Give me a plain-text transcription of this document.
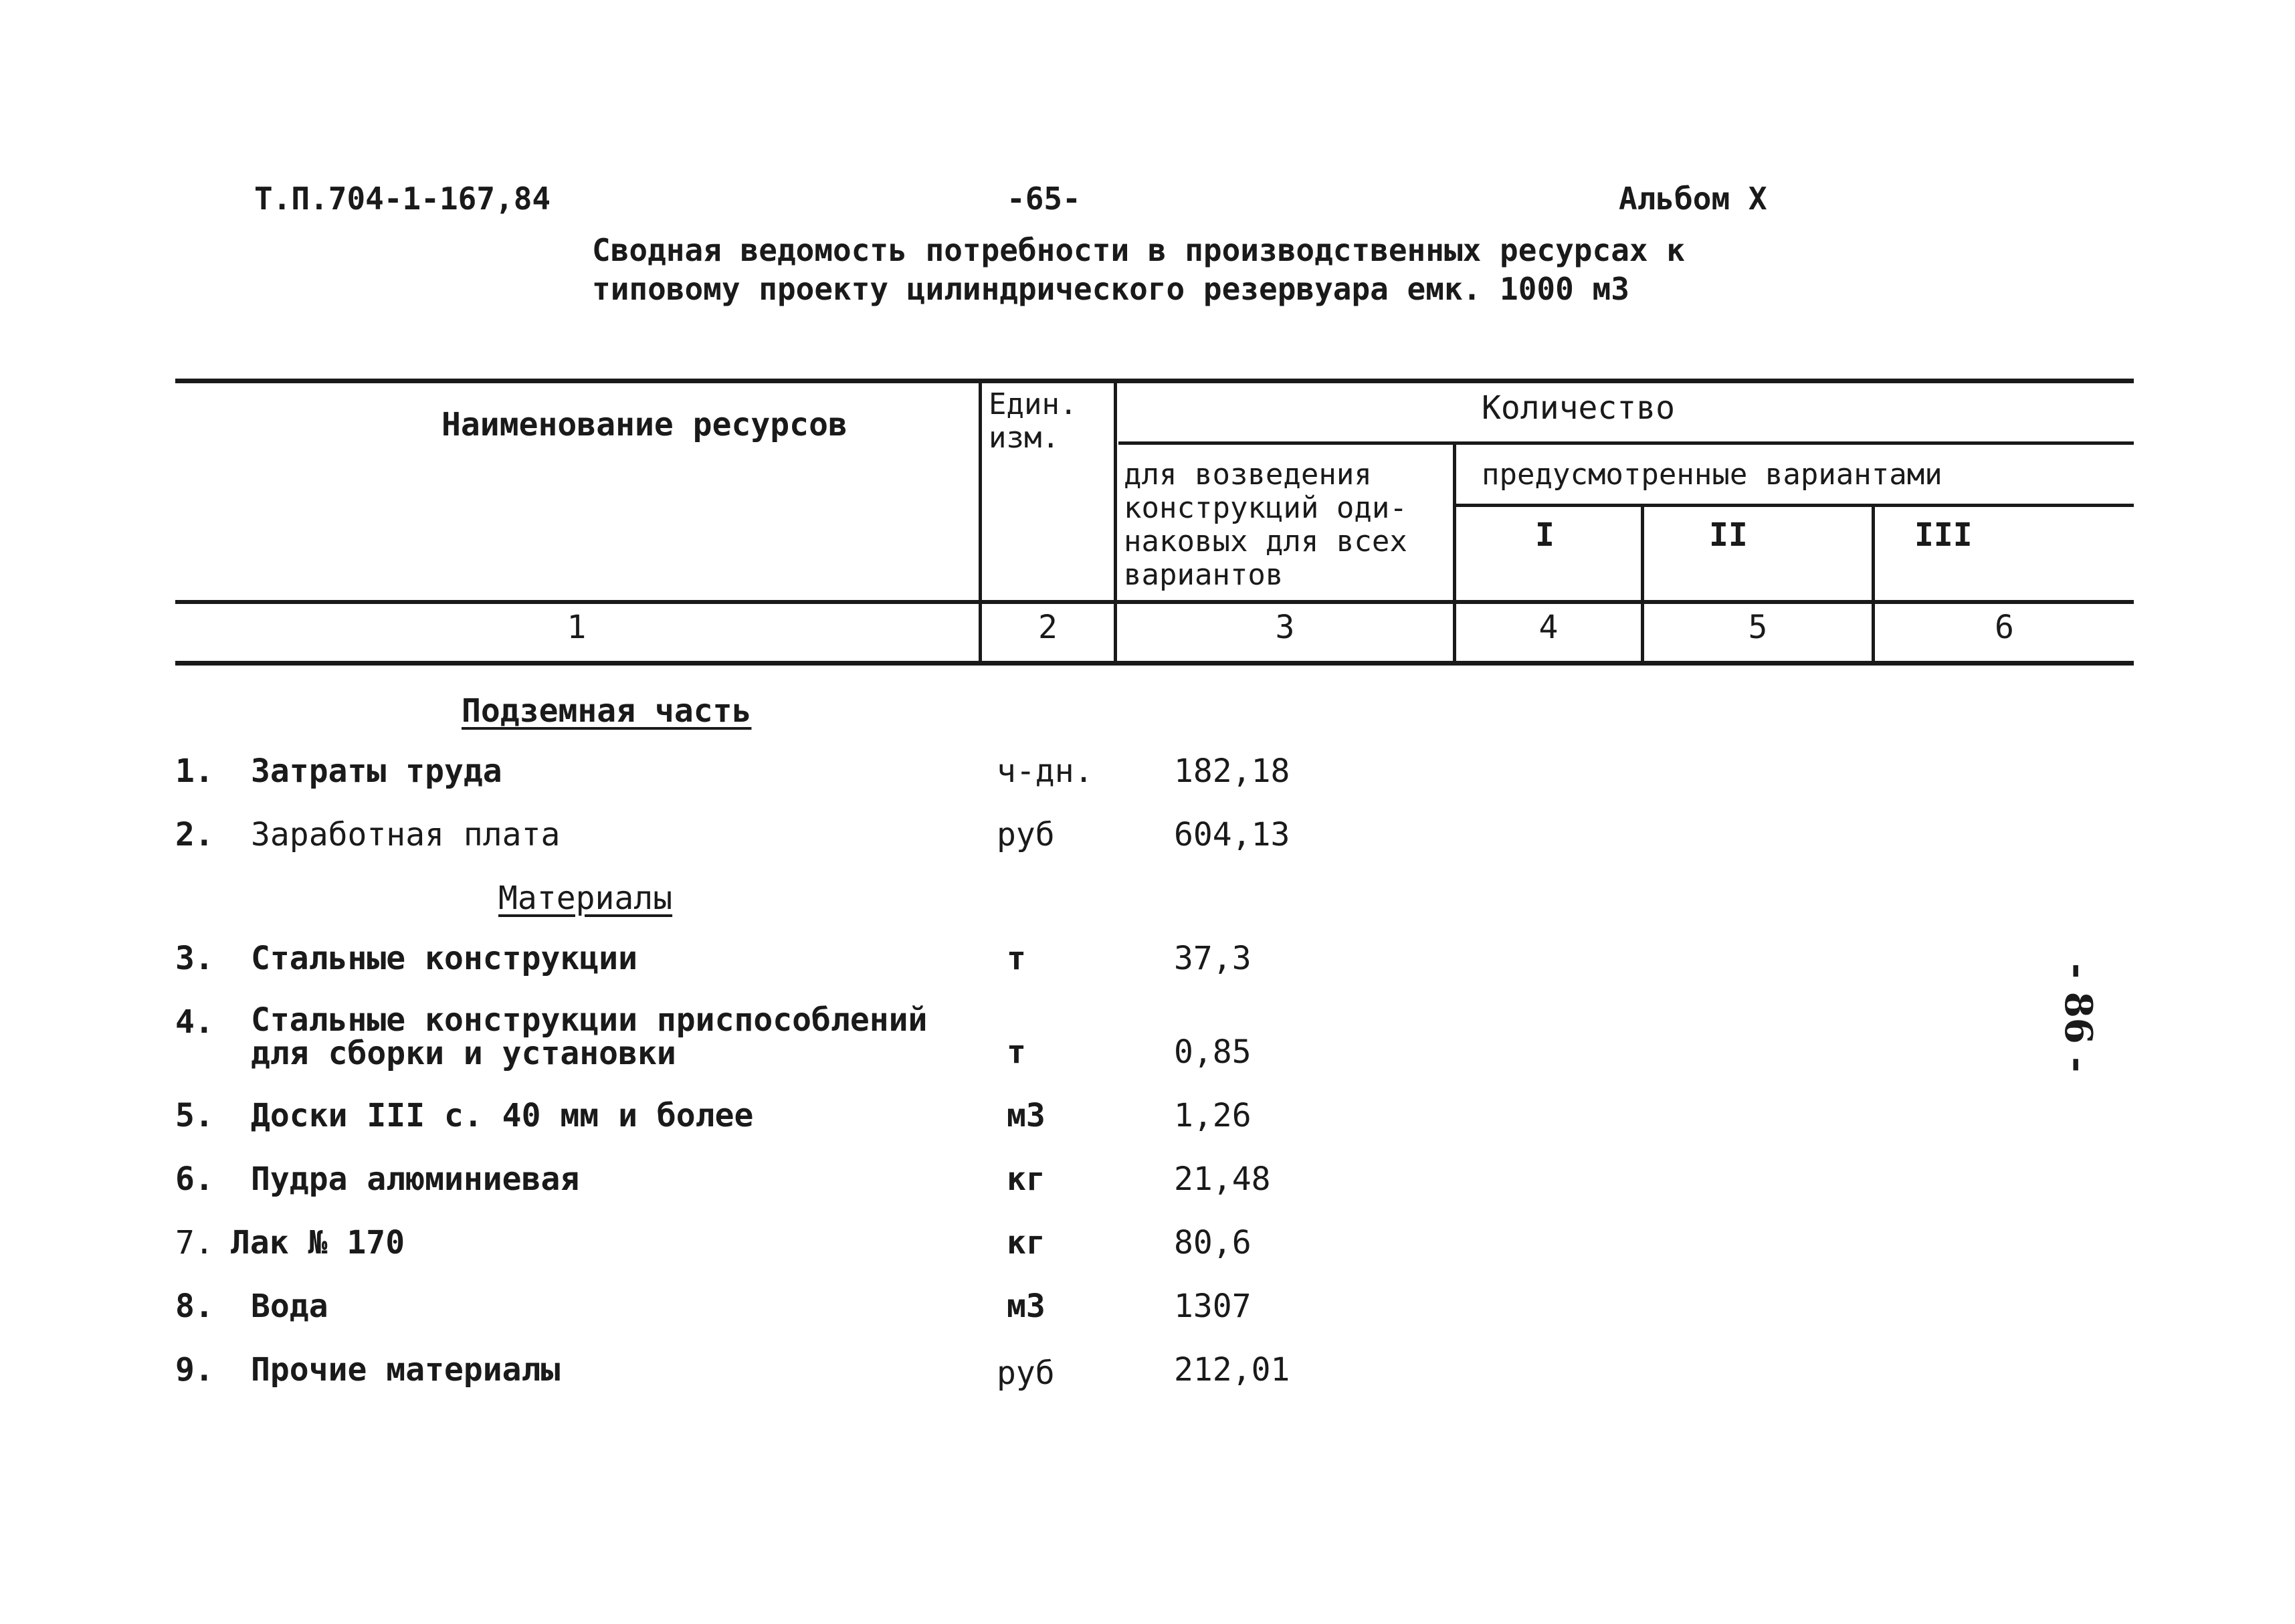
Т.П.704-1-167,84	-65-	Альбом Х
Сводная ведомость потребности в производственных ресурсах к
типовому проекту цилиндрического резервуара емк. 1000 м3
Наименование ресурсов
Един.
изм.
Количество
для возведения
конструкций оди-
наковых для всех
вариантов
предусмотренные вариантами
I	II	III
1	2	3	4	5	6
Подземная часть
Материалы
1. Затраты труда	ч-дн.	182,18
2. Заработная плата	руб	604,13
3. Стальные конструкции	т	37,3
4. Стальные конструкции приспособлений
для сборки и установки	т	0,85
5. Доски III с. 40 мм и более	м3	1,26
6. Пудра алюминиевая	кг	21,48
7. Лак № 170	кг	80,6
8. Вода	м3	1307
9. Прочие материалы	руб	212,01
- 86 -
